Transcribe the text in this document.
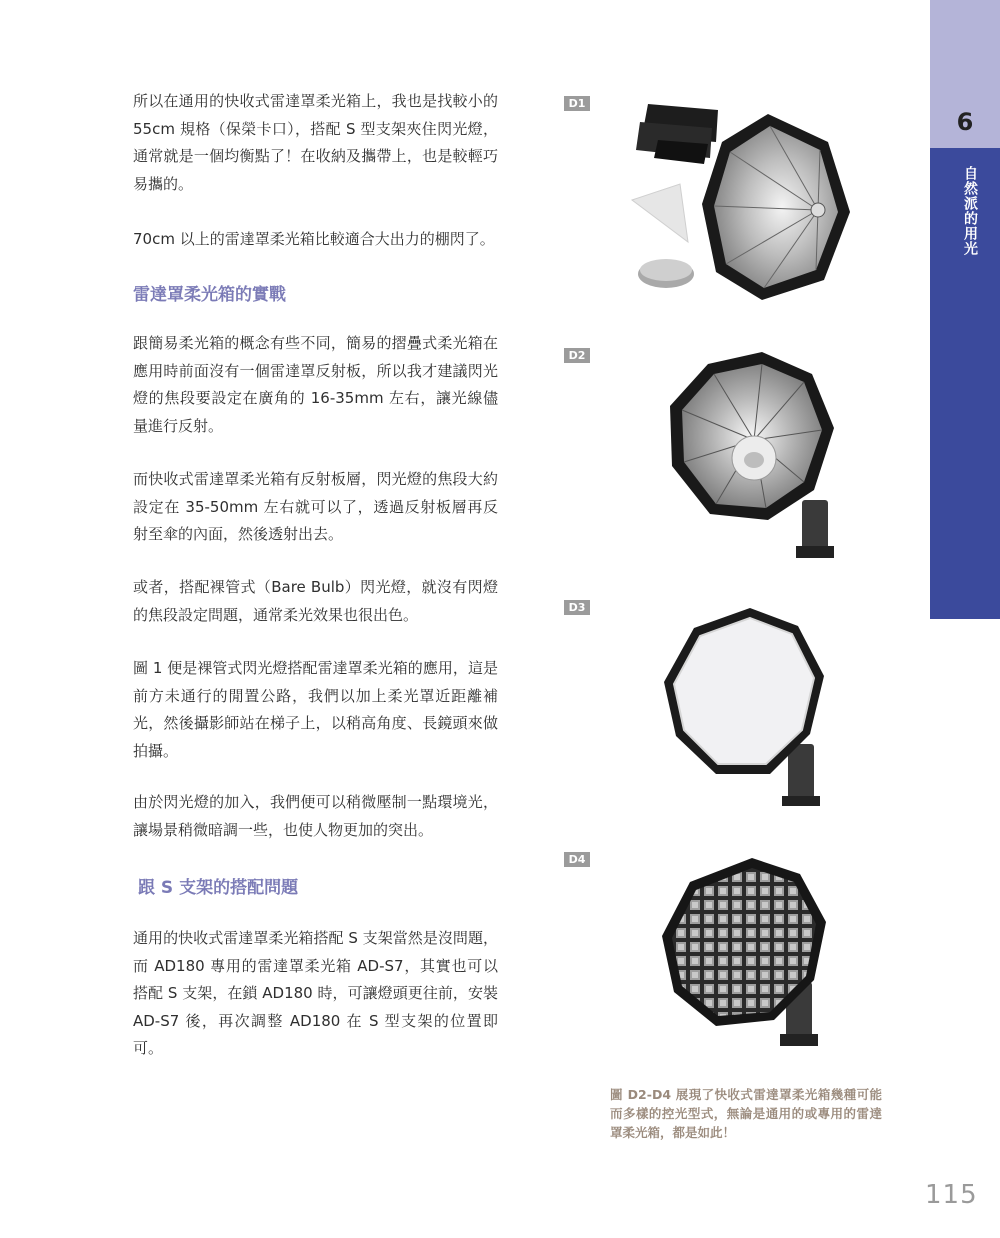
6
自然派的用光

所以在通用的快收式雷達罩柔光箱上，我也是找較小的 55cm 規格（保榮卡口），搭配 S 型支架夾住閃光燈，通常就是一個均衡點了！在收納及攜帶上，也是較輕巧易攜的。

70cm 以上的雷達罩柔光箱比較適合大出力的棚閃了。

雷達罩柔光箱的實戰

跟簡易柔光箱的概念有些不同，簡易的摺疊式柔光箱在應用時前面沒有一個雷達罩反射板，所以我才建議閃光燈的焦段要設定在廣角的 16-35mm 左右，讓光線儘量進行反射。

而快收式雷達罩柔光箱有反射板層，閃光燈的焦段大約設定在 35-50mm 左右就可以了，透過反射板層再反射至傘的內面，然後透射出去。

或者，搭配裸管式（Bare Bulb）閃光燈，就沒有閃燈的焦段設定問題，通常柔光效果也很出色。

圖 1 便是裸管式閃光燈搭配雷達罩柔光箱的應用，這是前方未通行的閒置公路，我們以加上柔光罩近距離補光，然後攝影師站在梯子上，以稍高角度、長鏡頭來做拍攝。

由於閃光燈的加入，我們便可以稍微壓制一點環境光，讓場景稍微暗調一些，也使人物更加的突出。

跟 S 支架的搭配問題

通用的快收式雷達罩柔光箱搭配 S 支架當然是沒問題，而 AD180 專用的雷達罩柔光箱 AD-S7，其實也可以搭配 S 支架，在鎖 AD180 時，可讓燈頭更往前，安裝 AD-S7 後，再次調整 AD180 在 S 型支架的位置即可。

D1
D2
D3
D4

圖 D2-D4 展現了快收式雷達罩柔光箱幾種可能而多樣的控光型式，無論是通用的或專用的雷達罩柔光箱，都是如此！

115
